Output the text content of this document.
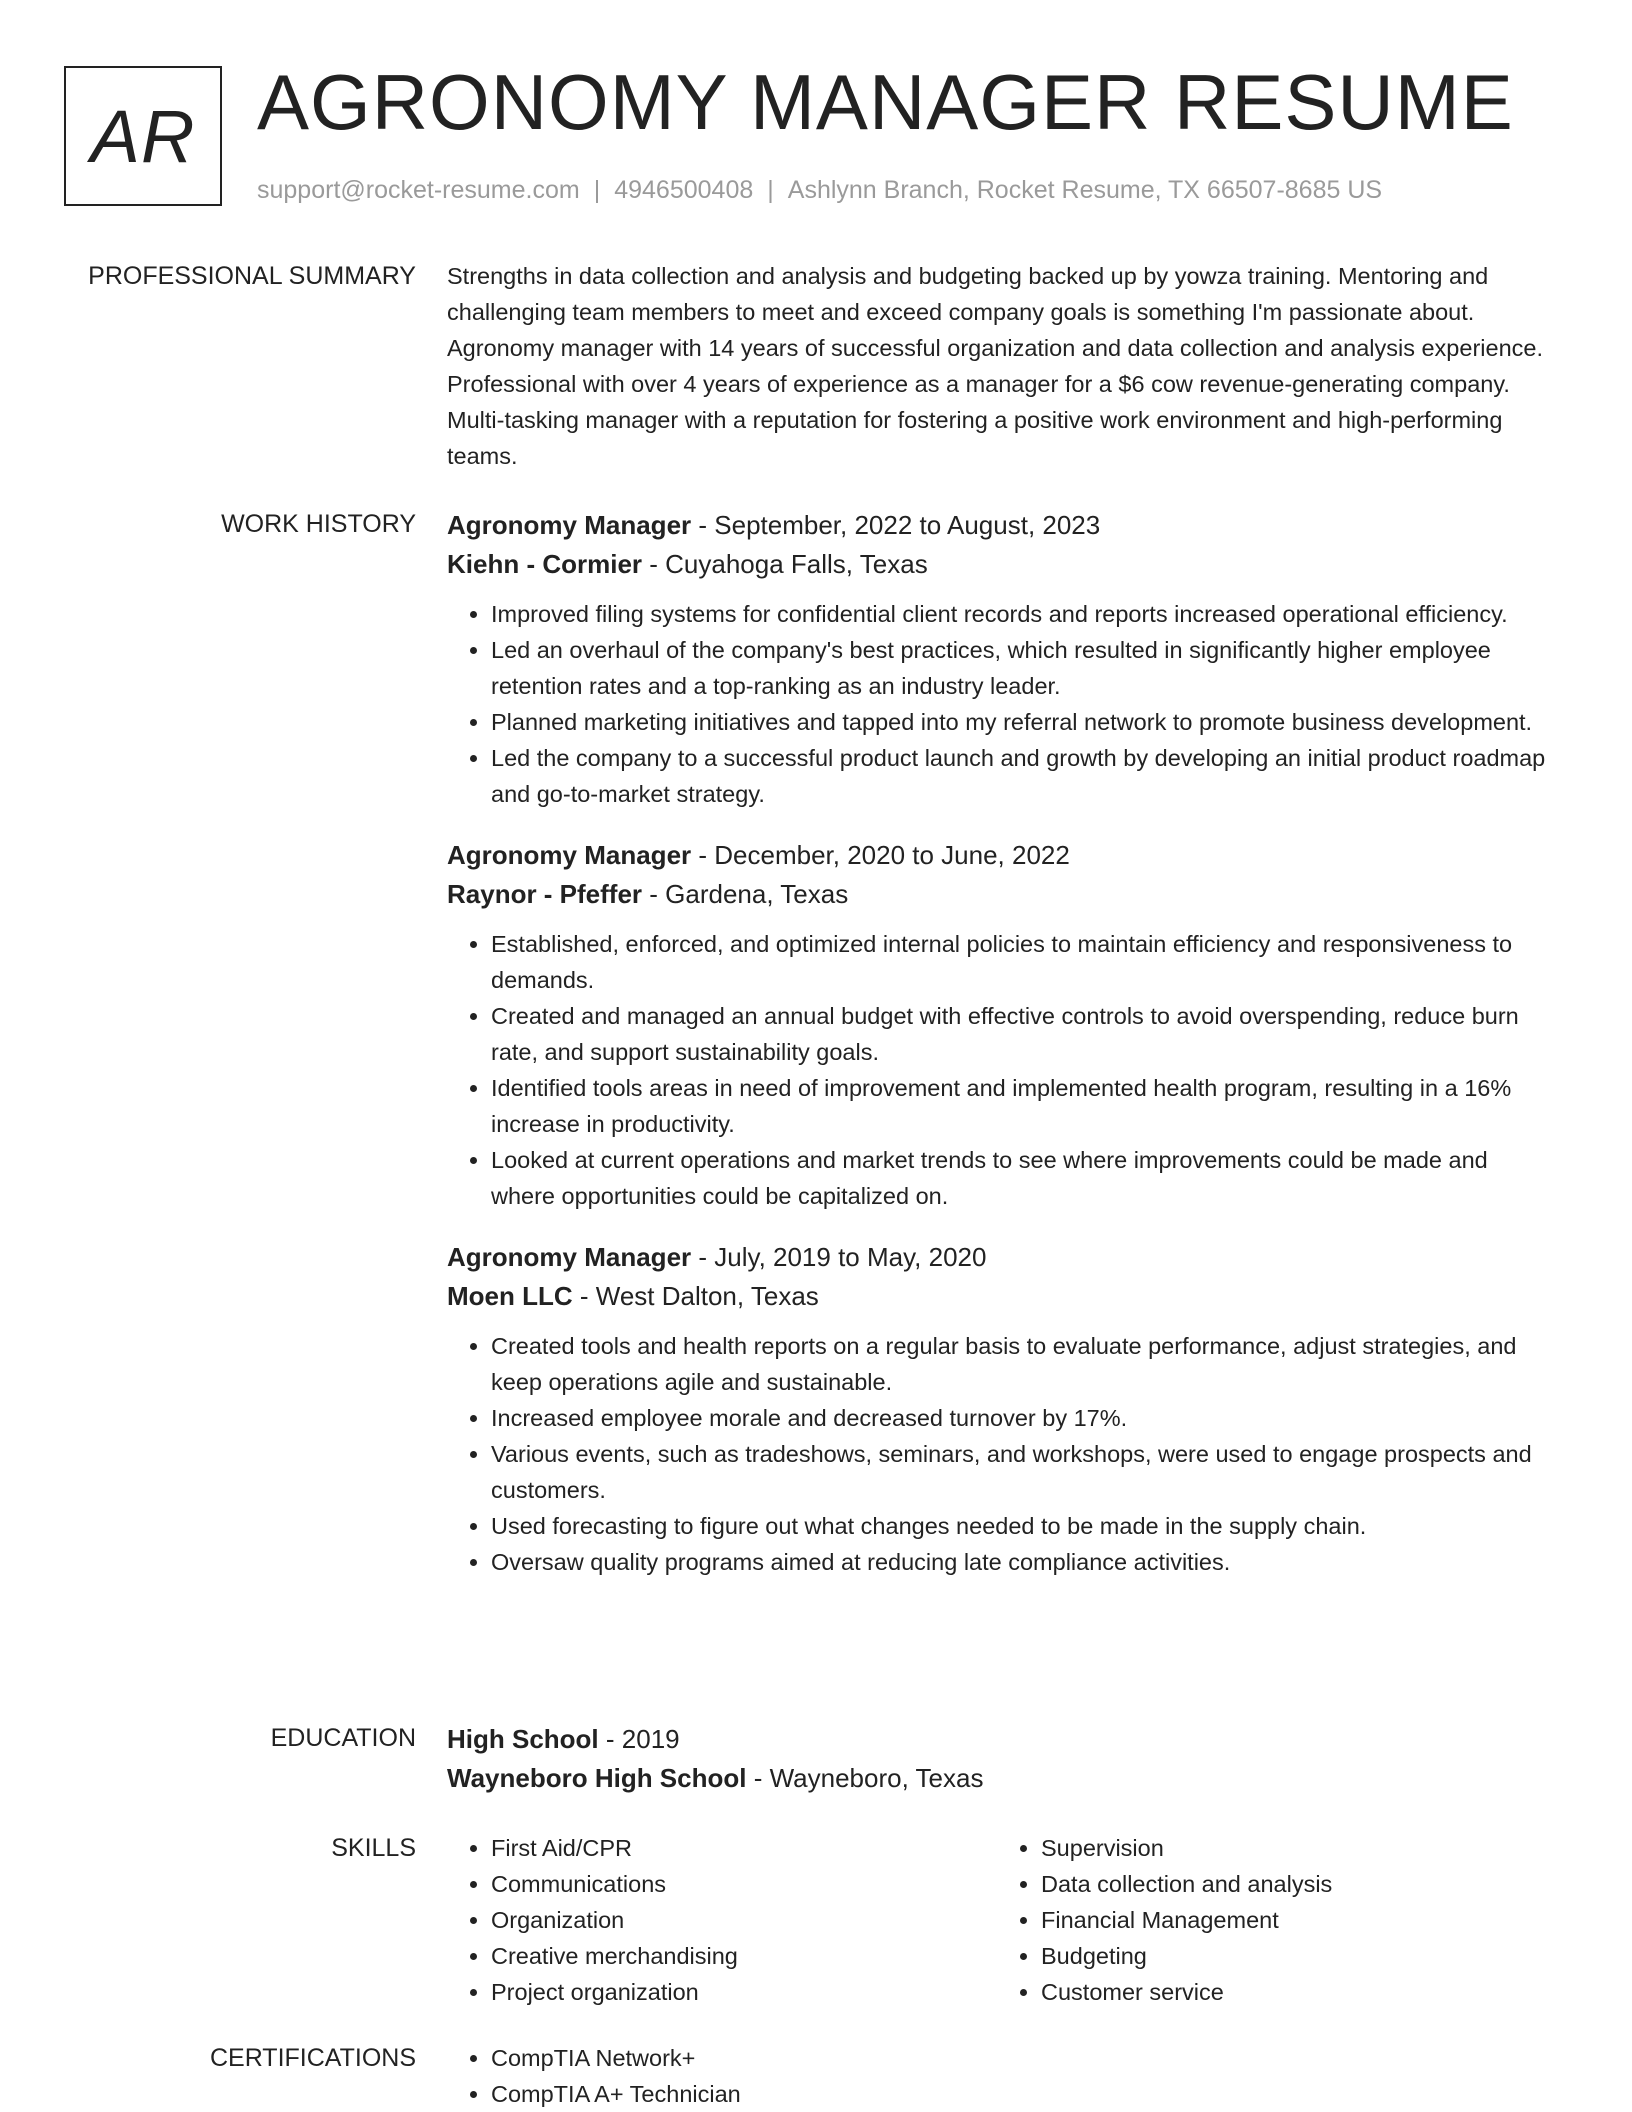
AR AGRONOMY MANAGER RESUME
support@rocket-resume.com | 4946500408 | Ashlynn Branch, Rocket Resume, TX 66507-8685 US
PROFESSIONAL SUMMARY Strengths in data collection and analysis and budgeting backed up by yowza training. Mentoring and challenging team members to meet and exceed company goals is something I'm passionate about. Agronomy manager with 14 years of successful organization and data collection and analysis experience. Professional with over 4 years of experience as a manager for a $6 cow revenue-generating company. Multi-tasking manager with a reputation for fostering a positive work environment and high-performing teams.

WORK HISTORY Agronomy Manager - September, 2022 to August, 2023
Kiehn - Cormier - Cuyahoga Falls, Texas
• Improved filing systems for confidential client records and reports increased operational efficiency.
• Led an overhaul of the company's best practices, which resulted in significantly higher employee retention rates and a top-ranking as an industry leader.
• Planned marketing initiatives and tapped into my referral network to promote business development.
• Led the company to a successful product launch and growth by developing an initial product roadmap and go-to-market strategy.
Agronomy Manager - December, 2020 to June, 2022
Raynor - Pfeffer - Gardena, Texas
• Established, enforced, and optimized internal policies to maintain efficiency and responsiveness to demands.
• Created and managed an annual budget with effective controls to avoid overspending, reduce burn rate, and support sustainability goals.
• Identified tools areas in need of improvement and implemented health program, resulting in a 16% increase in productivity.
• Looked at current operations and market trends to see where improvements could be made and where opportunities could be capitalized on.
Agronomy Manager - July, 2019 to May, 2020
Moen LLC - West Dalton, Texas
• Created tools and health reports on a regular basis to evaluate performance, adjust strategies, and keep operations agile and sustainable.
• Increased employee morale and decreased turnover by 17%.
• Various events, such as tradeshows, seminars, and workshops, were used to engage prospects and customers.
• Used forecasting to figure out what changes needed to be made in the supply chain.
• Oversaw quality programs aimed at reducing late compliance activities.
EDUCATION High School - 2019
Wayneboro High School - Wayneboro, Texas
SKILLS	• First Aid/CPR
• Communications
• Organization
• Creative merchandising
• Project organization
• Supervision
• Data collection and analysis
• Financial Management
• Budgeting
• Customer service
CERTIFICATIONS	• CompTIA Network+
• CompTIA A+ Technician
